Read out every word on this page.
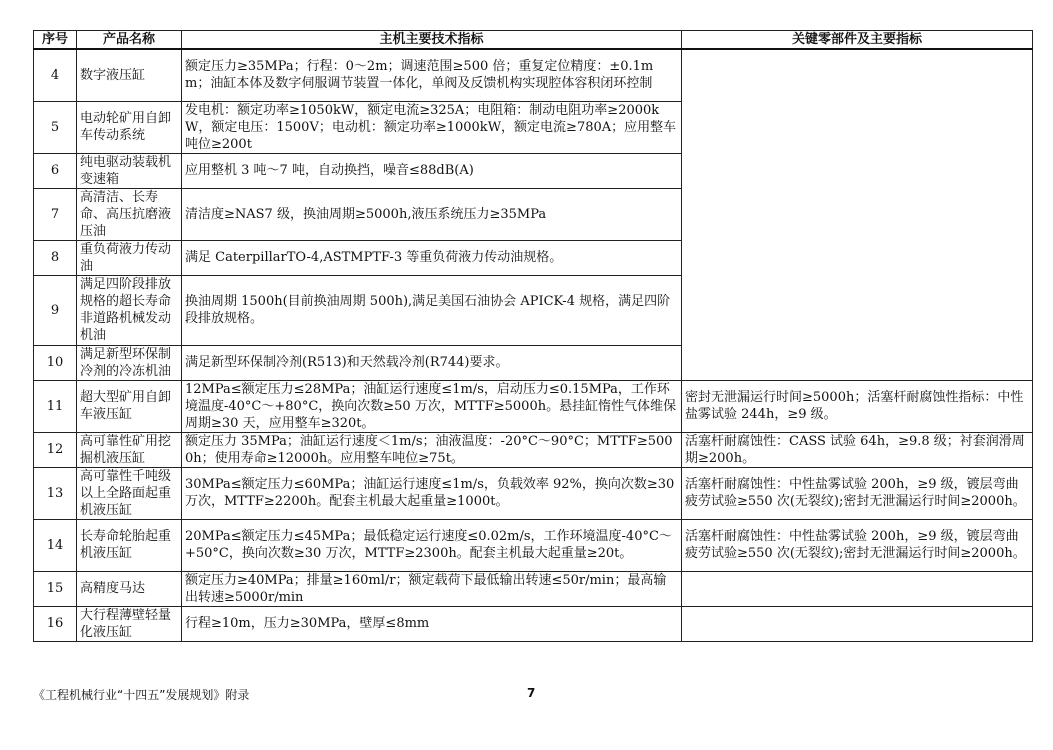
序号	产品名称	主机主要技术指标	关键零部件及主要指标
4	数字液压缸	额定压力≥35MPa；行程：0～2m；调速范围≥500 倍；重复定位精度：±0.1mm；油缸本体及数字伺服调节装置一体化，单阀及反馈机构实现腔体容积闭环控制	
5	电动轮矿用自卸车传动系统	发电机：额定功率≥1050kW，额定电流≥325A；电阻箱：制动电阻功率≥2000kW，额定电压：1500V；电动机：额定功率≥1000kW，额定电流≥780A；应用整车吨位≥200t	
6	纯电驱动装载机变速箱	应用整机 3 吨～7 吨，自动换挡，噪音≤88dB(A)	
7	高清洁、长寿命、高压抗磨液压油	清洁度≥NAS7 级，换油周期≥5000h,液压系统压力≥35MPa	
8	重负荷液力传动油	满足 CaterpillarTO-4,ASTMPTF-3 等重负荷液力传动油规格。	
9	满足四阶段排放规格的超长寿命非道路机械发动机油	换油周期 1500h(目前换油周期 500h),满足美国石油协会 APICK-4 规格，满足四阶段排放规格。	
10	满足新型环保制冷剂的冷冻机油	满足新型环保制冷剂(R513)和天然载冷剂(R744)要求。	
11	超大型矿用自卸车液压缸	12MPa≤额定压力≤28MPa；油缸运行速度≤1m/s，启动压力≤0.15MPa，工作环境温度-40°C～+80°C，换向次数≥50 万次，MTTF≥5000h。悬挂缸惰性气体维保周期≥30 天，应用整车≥320t。	密封无泄漏运行时间≥5000h；活塞杆耐腐蚀性指标：中性盐雾试验 244h，≥9 级。
12	高可靠性矿用挖掘机液压缸	额定压力 35MPa；油缸运行速度＜1m/s；油液温度：-20°C～90°C；MTTF≥5000h；使用寿命≥12000h。应用整车吨位≥75t。	活塞杆耐腐蚀性：CASS 试验 64h，≥9.8 级；衬套润滑周期≥200h。
13	高可靠性千吨级以上全路面起重机液压缸	30MPa≤额定压力≤60MPa；油缸运行速度≤1m/s，负载效率 92%，换向次数≥30 万次，MTTF≥2200h。配套主机最大起重量≥1000t。	活塞杆耐腐蚀性：中性盐雾试验 200h，≥9 级，镀层弯曲疲劳试验≥550 次(无裂纹);密封无泄漏运行时间≥2000h。
14	长寿命轮胎起重机液压缸	20MPa≤额定压力≤45MPa；最低稳定运行速度≤0.02m/s，工作环境温度-40°C～+50°C，换向次数≥30 万次，MTTF≥2300h。配套主机最大起重量≥20t。	活塞杆耐腐蚀性：中性盐雾试验 200h，≥9 级，镀层弯曲疲劳试验≥550 次(无裂纹);密封无泄漏运行时间≥2000h。
15	高精度马达	额定压力≥40MPa；排量≥160ml/r；额定载荷下最低输出转速≤50r/min；最高输出转速≥5000r/min	
16	大行程薄壁轻量化液压缸	行程≥10m，压力≥30MPa，壁厚≤8mm	
《工程机械行业“十四五”发展规划》附录	7
